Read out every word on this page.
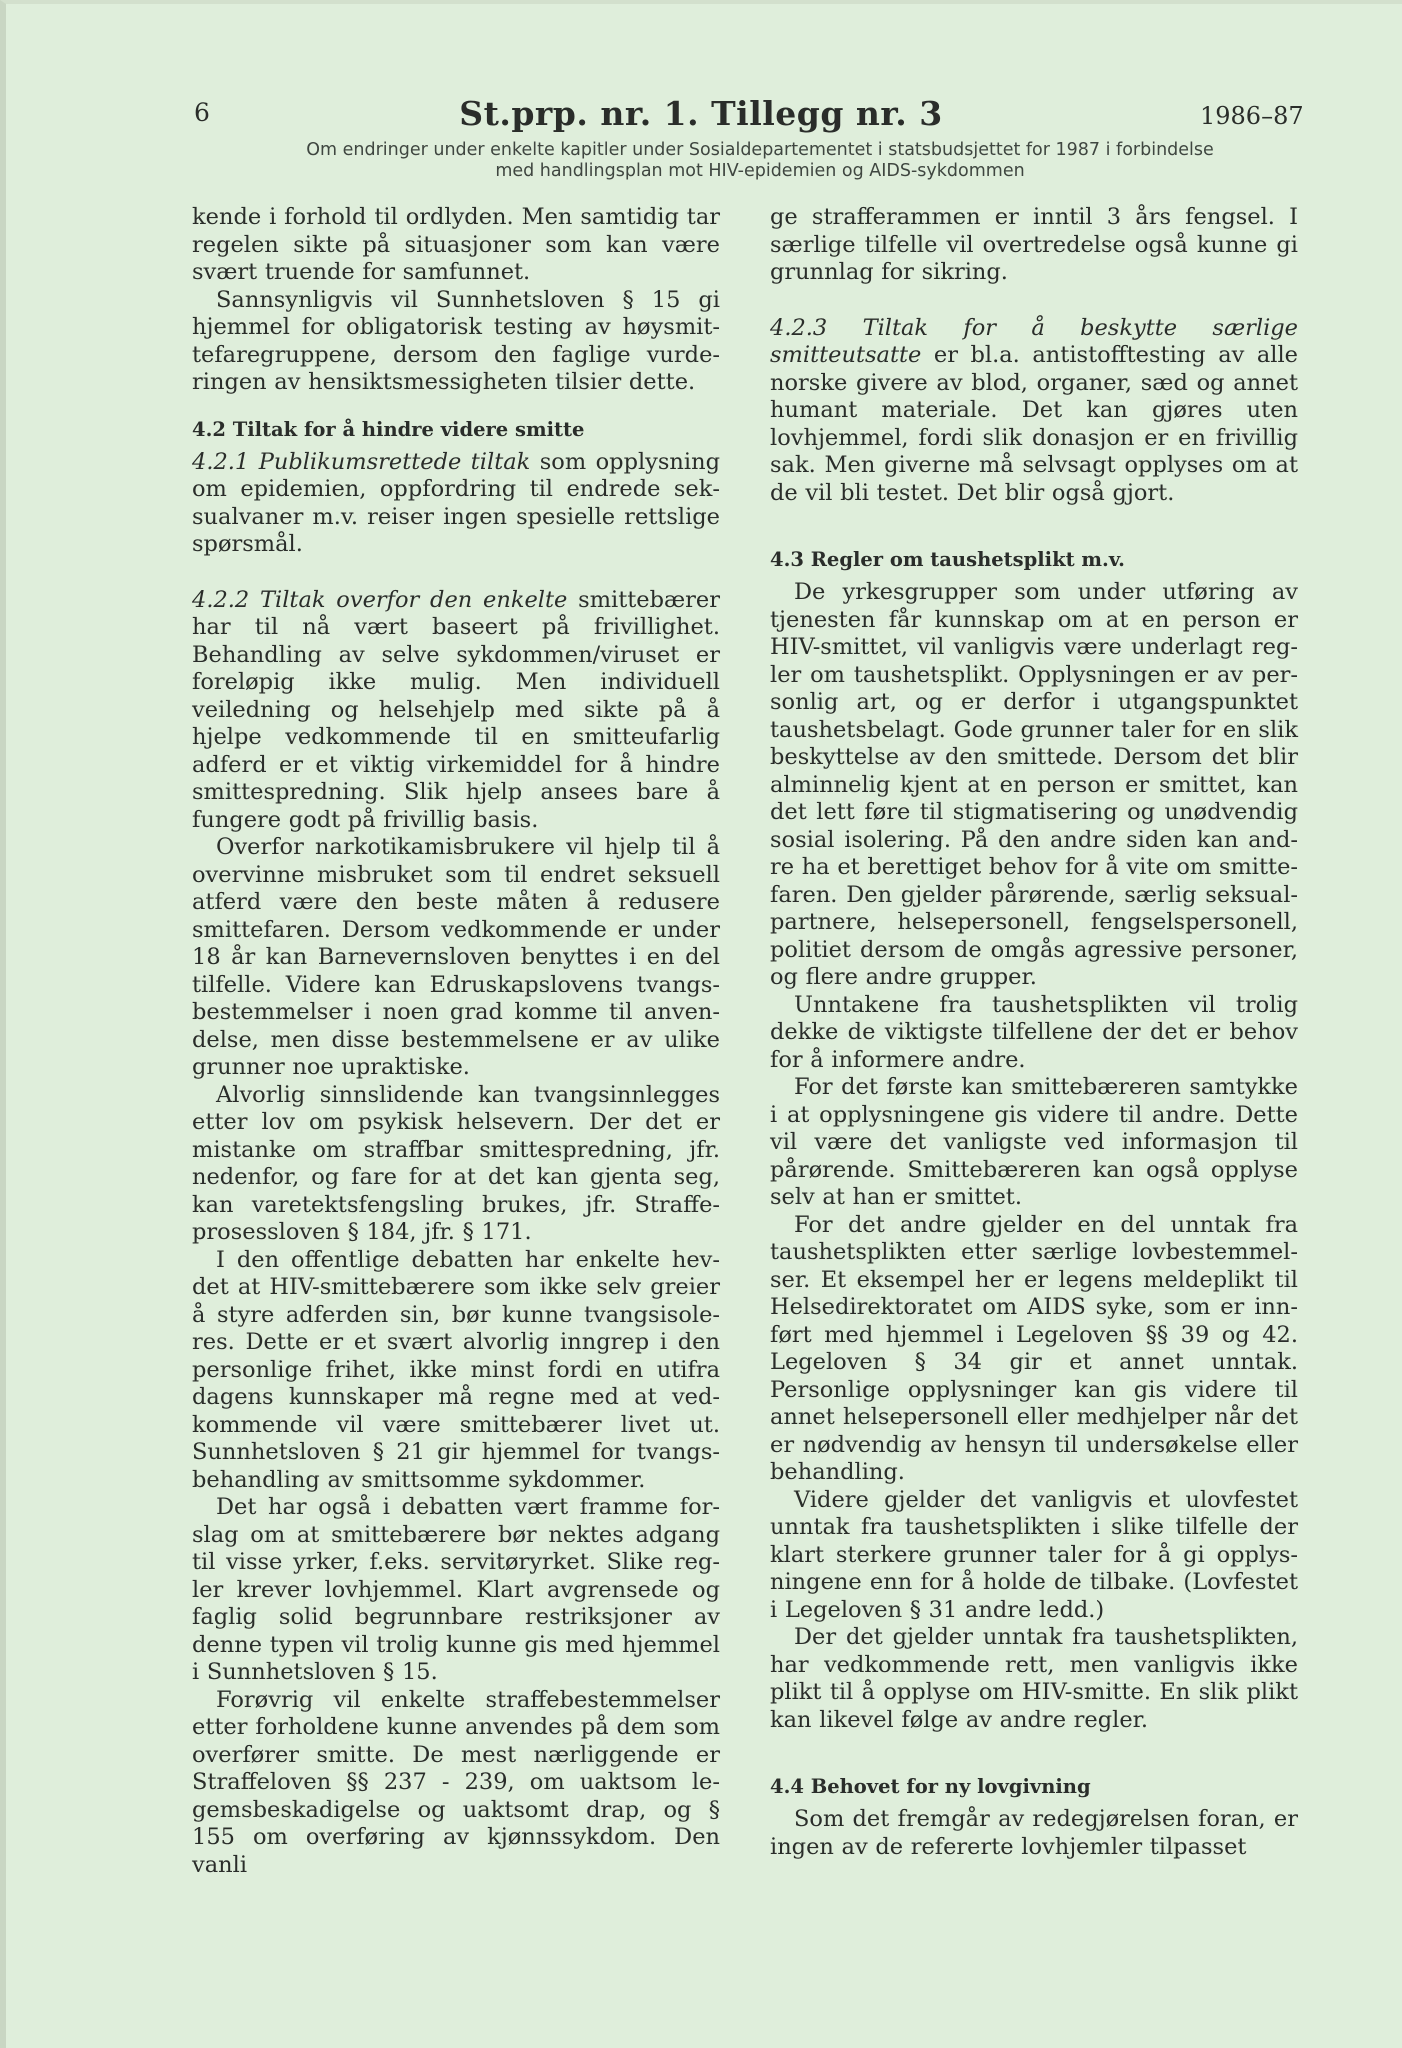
6	St.prp. nr. 1. Tillegg nr. 3	1986–87
Om endringer under enkelte kapitler under Sosialdepartementet i statsbudsjettet for 1987 i forbindelse
med handlingsplan mot HIV-epidemien og AIDS-sykdommen

kende i forhold til ordlyden. Men samtidig tar regelen sikte på situasjoner som kan være svært truende for samfunnet.

Sannsynligvis vil Sunnhetsloven § 15 gi hjemmel for obligatorisk testing av høysmittefaregruppene, dersom den faglige vurderingen av hensiktsmessigheten tilsier dette.

4.2 Tiltak for å hindre videre smitte

4.2.1 Publikumsrettede tiltak som opplysning om epidemien, oppfordring til endrede seksualvaner m.v. reiser ingen spesielle rettslige spørsmål.

4.2.2 Tiltak overfor den enkelte smittebærer har til nå vært baseert på frivillighet. Behandling av selve sykdommen/viruset er foreløpig ikke mulig. Men individuell veiledning og helsehjelp med sikte på å hjelpe vedkommende til en smitteufarlig adferd er et viktig virkemiddel for å hindre smittespredning. Slik hjelp ansees bare å fungere godt på frivillig basis.

Overfor narkotikamisbrukere vil hjelp til å overvinne misbruket som til endret seksuell atferd være den beste måten å redusere smittefaren. Dersom vedkommende er under 18 år kan Barnevernsloven benyttes i en del tilfelle. Videre kan Edruskapslovens tvangsbestemmelser i noen grad komme til anvendelse, men disse bestemmelsene er av ulike grunner noe upraktiske.

Alvorlig sinnslidende kan tvangsinnlegges etter lov om psykisk helsevern. Der det er mistanke om straffbar smittespredning, jfr. nedenfor, og fare for at det kan gjenta seg, kan varetektsfengsling brukes, jfr. Straffeprosessloven § 184, jfr. § 171.

I den offentlige debatten har enkelte hevdet at HIV-smittebærere som ikke selv greier å styre adferden sin, bør kunne tvangsisoleres. Dette er et svært alvorlig inngrep i den personlige frihet, ikke minst fordi en utifra dagens kunnskaper må regne med at vedkommende vil være smittebærer livet ut. Sunnhetsloven § 21 gir hjemmel for tvangsbehandling av smittsomme sykdommer.

Det har også i debatten vært framme forslag om at smittebærere bør nektes adgang til visse yrker, f.eks. servitøryrket. Slike regler krever lovhjemmel. Klart avgrensede og faglig solid begrunnbare restriksjoner av denne typen vil trolig kunne gis med hjemmel i Sunnhetsloven § 15.

Forøvrig vil enkelte straffebestemmelser etter forholdene kunne anvendes på dem som overfører smitte. De mest nærliggende er Straffeloven §§ 237 - 239, om uaktsom legemsbeskadigelse og uaktsomt drap, og § 155 om overføring av kjønnssykdom. Den vanli

ge strafferammen er inntil 3 års fengsel. I særlige tilfelle vil overtredelse også kunne gi grunnlag for sikring.

4.2.3 Tiltak for å beskytte særlige smitteutsatte er bl.a. antistofftesting av alle norske givere av blod, organer, sæd og annet humant materiale. Det kan gjøres uten lovhjemmel, fordi slik donasjon er en frivillig sak. Men giverne må selvsagt opplyses om at de vil bli testet. Det blir også gjort.

4.3 Regler om taushetsplikt m.v.

De yrkesgrupper som under utføring av tjenesten får kunnskap om at en person er HIV-smittet, vil vanligvis være underlagt regler om taushetsplikt. Opplysningen er av personlig art, og er derfor i utgangspunktet taushetsbelagt. Gode grunner taler for en slik beskyttelse av den smittede. Dersom det blir alminnelig kjent at en person er smittet, kan det lett føre til stigmatisering og unødvendig sosial isolering. På den andre siden kan andre ha et berettiget behov for å vite om smittefaren. Den gjelder pårørende, særlig seksualpartnere, helsepersonell, fengselspersonell, politiet dersom de omgås agressive personer, og flere andre grupper.

Unntakene fra taushetsplikten vil trolig dekke de viktigste tilfellene der det er behov for å informere andre.

For det første kan smittebæreren samtykke i at opplysningene gis videre til andre. Dette vil være det vanligste ved informasjon til pårørende. Smittebæreren kan også opplyse selv at han er smittet.

For det andre gjelder en del unntak fra taushetsplikten etter særlige lovbestemmelser. Et eksempel her er legens meldeplikt til Helsedirektoratet om AIDS syke, som er innført med hjemmel i Legeloven §§ 39 og 42. Legeloven § 34 gir et annet unntak. Personlige opplysninger kan gis videre til annet helsepersonell eller medhjelper når det er nødvendig av hensyn til undersøkelse eller behandling.

Videre gjelder det vanligvis et ulovfestet unntak fra taushetsplikten i slike tilfelle der klart sterkere grunner taler for å gi opplysningene enn for å holde de tilbake. (Lovfestet i Legeloven § 31 andre ledd.)

Der det gjelder unntak fra taushetsplikten, har vedkommende rett, men vanligvis ikke plikt til å opplyse om HIV-smitte. En slik plikt kan likevel følge av andre regler.

4.4 Behovet for ny lovgivning

Som det fremgår av redegjørelsen foran, er ingen av de refererte lovhjemler tilpasset
